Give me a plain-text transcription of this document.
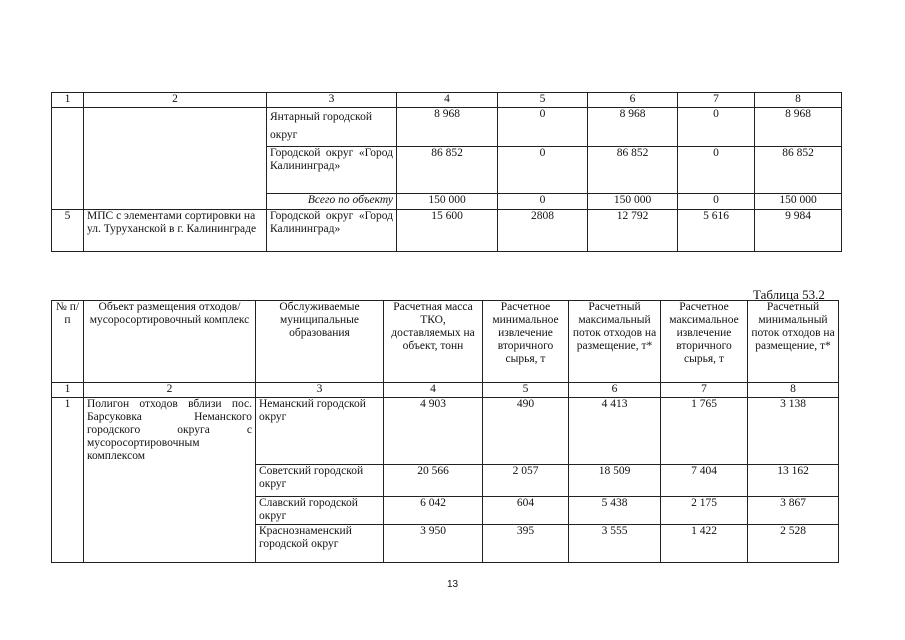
1	2	3	4	5	6	7	8
		Янтарный городской округ	8 968	0	8 968	0	8 968
		Городской округ «Город Калининград»	86 852	0	86 852	0	86 852
		Всего по объекту	150 000	0	150 000	0	150 000
5	МПС с элементами сортировки на ул. Туруханской в г. Калининграде	Городской округ «Город Калининград»	15 600	2808	12 792	5 616	9 984
Таблица 53.2
№ п/п	Объект размещения отходов/ мусоросортировочный комплекс	Обслуживаемые муниципальные образования	Расчетная масса ТКО, доставляемых на объект, тонн	Расчетное минимальное извлечение вторичного сырья, т	Расчетный максимальный поток отходов на размещение, т*	Расчетное максимальное извлечение вторичного сырья, т	Расчетный минимальный поток отходов на размещение, т*
1	2	3	4	5	6	7	8
1	Полигон отходов вблизи пос. Барсуковка Неманского городского округа с мусоросортировочным комплексом	Неманский городской округ	4 903	490	4 413	1 765	3 138
		Советский городской округ	20 566	2 057	18 509	7 404	13 162
		Славский городской округ	6 042	604	5 438	2 175	3 867
		Краснознаменский городской округ	3 950	395	3 555	1 422	2 528
13
